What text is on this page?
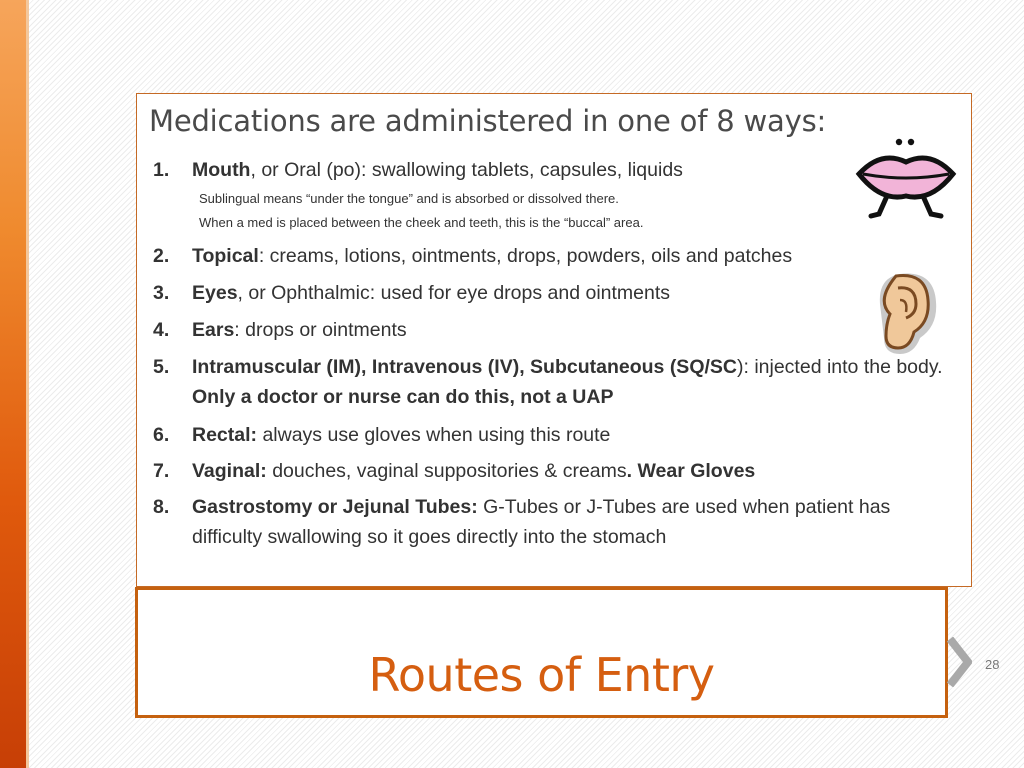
Medications are administered in one of 8 ways:
1. Mouth, or Oral (po): swallowing tablets, capsules, liquids
Sublingual means “under the tongue” and is absorbed or dissolved there.
When a med is placed between the cheek and teeth, this is the “buccal” area.
2. Topical: creams, lotions, ointments, drops, powders, oils and patches
3. Eyes, or Ophthalmic: used for eye drops and ointments
4. Ears: drops or ointments
5. Intramuscular (IM), Intravenous (IV), Subcutaneous (SQ/SC): injected into the body. Only a doctor or nurse can do this, not a UAP
6. Rectal: always use gloves when using this route
7. Vaginal: douches, vaginal suppositories & creams. Wear Gloves
8. Gastrostomy or Jejunal Tubes: G-Tubes or J-Tubes are used when patient has difficulty swallowing so it goes directly into the stomach
Routes of Entry	28
